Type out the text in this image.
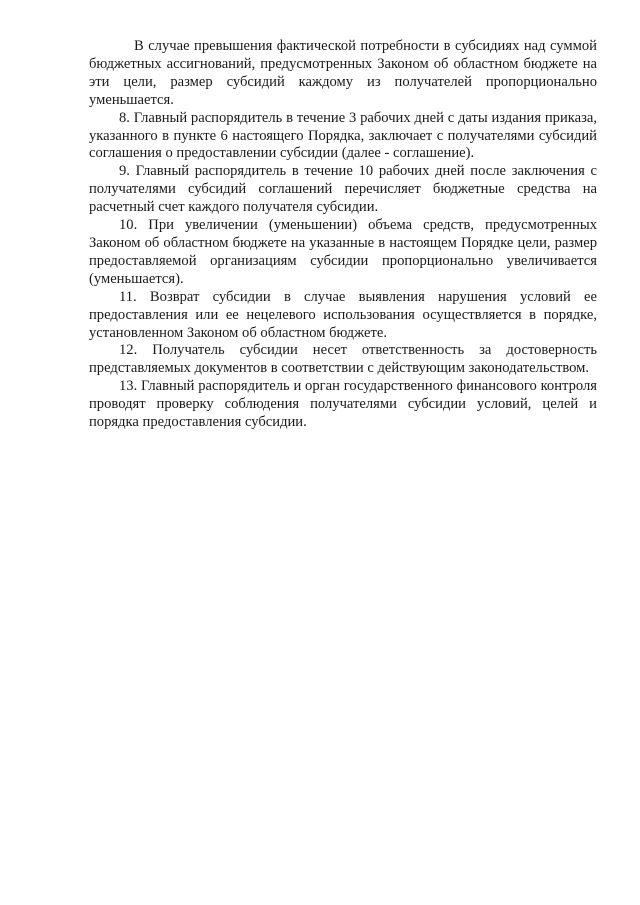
В случае превышения фактической потребности в субсидиях над суммой бюджетных ассигнований, предусмотренных Законом об областном бюджете на эти цели, размер субсидий каждому из получателей пропорционально уменьшается.

8. Главный распорядитель в течение 3 рабочих дней с даты издания приказа, указанного в пункте 6 настоящего Порядка, заключает с получателями субсидий соглашения о предоставлении субсидии (далее - соглашение).

9. Главный распорядитель в течение 10 рабочих дней после заключения с получателями субсидий соглашений перечисляет бюджетные средства на расчетный счет каждого получателя субсидии.

10. При увеличении (уменьшении) объема средств, предусмотренных Законом об областном бюджете на указанные в настоящем Порядке цели, размер предоставляемой организациям субсидии пропорционально увеличивается (уменьшается).

11. Возврат субсидии в случае выявления нарушения условий ее предоставления или ее нецелевого использования осуществляется в порядке, установленном Законом об областном бюджете.

12. Получатель субсидии несет ответственность за достоверность представляемых документов в соответствии с действующим законодательством.

13. Главный распорядитель и орган государственного финансового контроля проводят проверку соблюдения получателями субсидии условий, целей и порядка предоставления субсидии.
